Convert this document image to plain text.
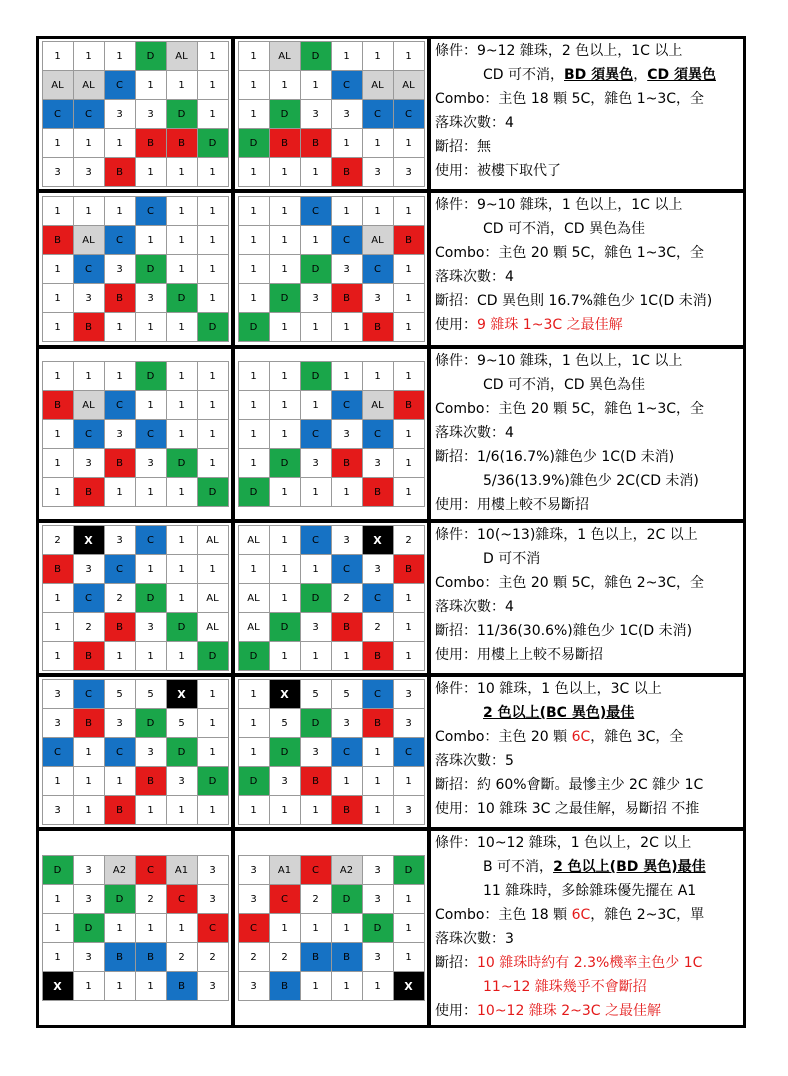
1	1	1	D	AL	1
AL	AL	C	1	1	1
C	C	3	3	D	1
1	1	1	B	B	D
3	3	B	1	1	1
1	AL	D	1	1	1
1	1	1	C	AL	AL
1	D	3	3	C	C
D	B	B	1	1	1
1	1	1	B	3	3
條件：9~12 雜珠，2 色以上，1C 以上
CD 可不消，BD 須異色，CD 須異色
Combo：主色 18 顆 5C，雜色 1~3C，全
落珠次數：4
斷招：無
使用：被樓下取代了
1	1	1	C	1	1
B	AL	C	1	1	1
1	C	3	D	1	1
1	3	B	3	D	1
1	B	1	1	1	D
1	1	C	1	1	1
1	1	1	C	AL	B
1	1	D	3	C	1
1	D	3	B	3	1
D	1	1	1	B	1
條件：9~10 雜珠，1 色以上，1C 以上
CD 可不消，CD 異色為佳
Combo：主色 20 顆 5C，雜色 1~3C，全
落珠次數：4
斷招：CD 異色則 16.7%雜色少 1C(D 未消)
使用：9 雜珠 1~3C 之最佳解
1	1	1	D	1	1
B	AL	C	1	1	1
1	C	3	C	1	1
1	3	B	3	D	1
1	B	1	1	1	D
1	1	D	1	1	1
1	1	1	C	AL	B
1	1	C	3	C	1
1	D	3	B	3	1
D	1	1	1	B	1
條件：9~10 雜珠，1 色以上，1C 以上
CD 可不消，CD 異色為佳
Combo：主色 20 顆 5C，雜色 1~3C，全
落珠次數：4
斷招：1/6(16.7%)雜色少 1C(D 未消)
5/36(13.9%)雜色少 2C(CD 未消)
使用：用樓上較不易斷招
2	X	3	C	1	AL
B	3	C	1	1	1
1	C	2	D	1	AL
1	2	B	3	D	AL
1	B	1	1	1	D
AL	1	C	3	X	2
1	1	1	C	3	B
AL	1	D	2	C	1
AL	D	3	B	2	1
D	1	1	1	B	1
條件：10(~13)雜珠，1 色以上，2C 以上
D 可不消
Combo：主色 20 顆 5C，雜色 2~3C，全
落珠次數：4
斷招：11/36(30.6%)雜色少 1C(D 未消)
使用：用樓上上較不易斷招
3	C	5	5	X	1
3	B	3	D	5	1
C	1	C	3	D	1
1	1	1	B	3	D
3	1	B	1	1	1
1	X	5	5	C	3
1	5	D	3	B	3
1	D	3	C	1	C
D	3	B	1	1	1
1	1	1	B	1	3
條件：10 雜珠，1 色以上，3C 以上
2 色以上(BC 異色)最佳
Combo：主色 20 顆 6C，雜色 3C，全
落珠次數：5
斷招：約 60%會斷。最慘主少 2C 雜少 1C
使用：10 雜珠 3C 之最佳解，易斷招 不推
D	3	A2	C	A1	3
1	3	D	2	C	3
1	D	1	1	1	C
1	3	B	B	2	2
X	1	1	1	B	3
3	A1	C	A2	3	D
3	C	2	D	3	1
C	1	1	1	D	1
2	2	B	B	3	1
3	B	1	1	1	X
條件：10~12 雜珠，1 色以上，2C 以上
B 可不消，2 色以上(BD 異色)最佳
11 雜珠時，多餘雜珠優先擺在 A1
Combo：主色 18 顆 6C，雜色 2~3C，單
落珠次數：3
斷招：10 雜珠時約有 2.3%機率主色少 1C
11~12 雜珠幾乎不會斷招
使用：10~12 雜珠 2~3C 之最佳解
